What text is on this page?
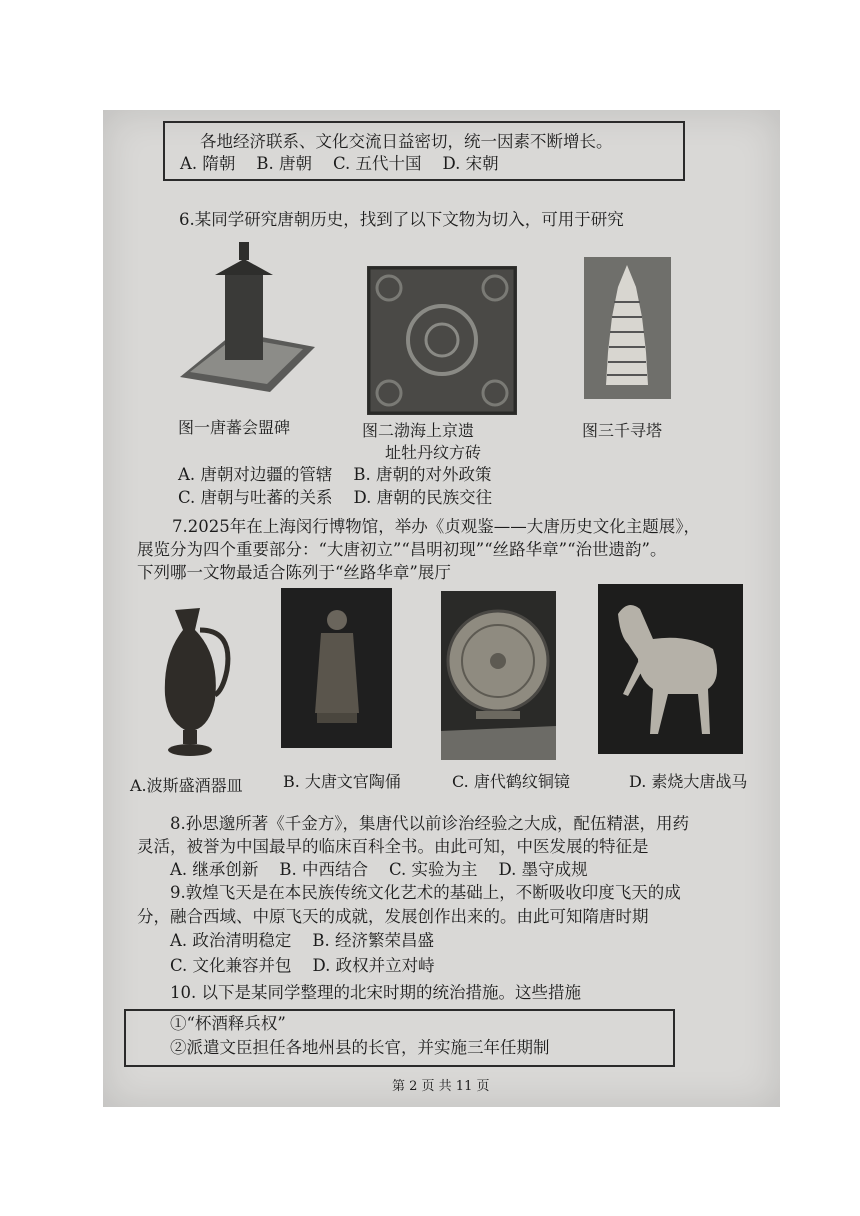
各地经济联系、文化交流日益密切，统一因素不断增长。
A. 隋朝    B. 唐朝    C. 五代十国    D. 宋朝
6.某同学研究唐朝历史，找到了以下文物为切入，可用于研究
图一唐蕃会盟碑	图二渤海上京遗
址牡丹纹方砖
图三千寻塔
A. 唐朝对边疆的管辖    B. 唐朝的对外政策
C. 唐朝与吐蕃的关系    D. 唐朝的民族交往
7.2025年在上海闵行博物馆，举办《贞观鉴——大唐历史文化主题展》，
展览分为四个重要部分：“大唐初立”“昌明初现”“丝路华章”“治世遗韵”。
下列哪一文物最适合陈列于“丝路华章”展厅
A.波斯盛酒器皿	B. 大唐文官陶俑	C. 唐代鹤纹铜镜	D. 素烧大唐战马
8.孙思邈所著《千金方》，集唐代以前诊治经验之大成，配伍精湛，用药
灵活，被誉为中国最早的临床百科全书。由此可知，中医发展的特征是
A. 继承创新    B. 中西结合    C. 实验为主    D. 墨守成规
9.敦煌飞天是在本民族传统文化艺术的基础上，不断吸收印度飞天的成
分，融合西域、中原飞天的成就，发展创作出来的。由此可知隋唐时期
A. 政治清明稳定    B. 经济繁荣昌盛
C. 文化兼容并包    D. 政权并立对峙
10. 以下是某同学整理的北宋时期的统治措施。这些措施
①“杯酒释兵权”
②派遣文臣担任各地州县的长官，并实施三年任期制
第 2 页 共 11 页
